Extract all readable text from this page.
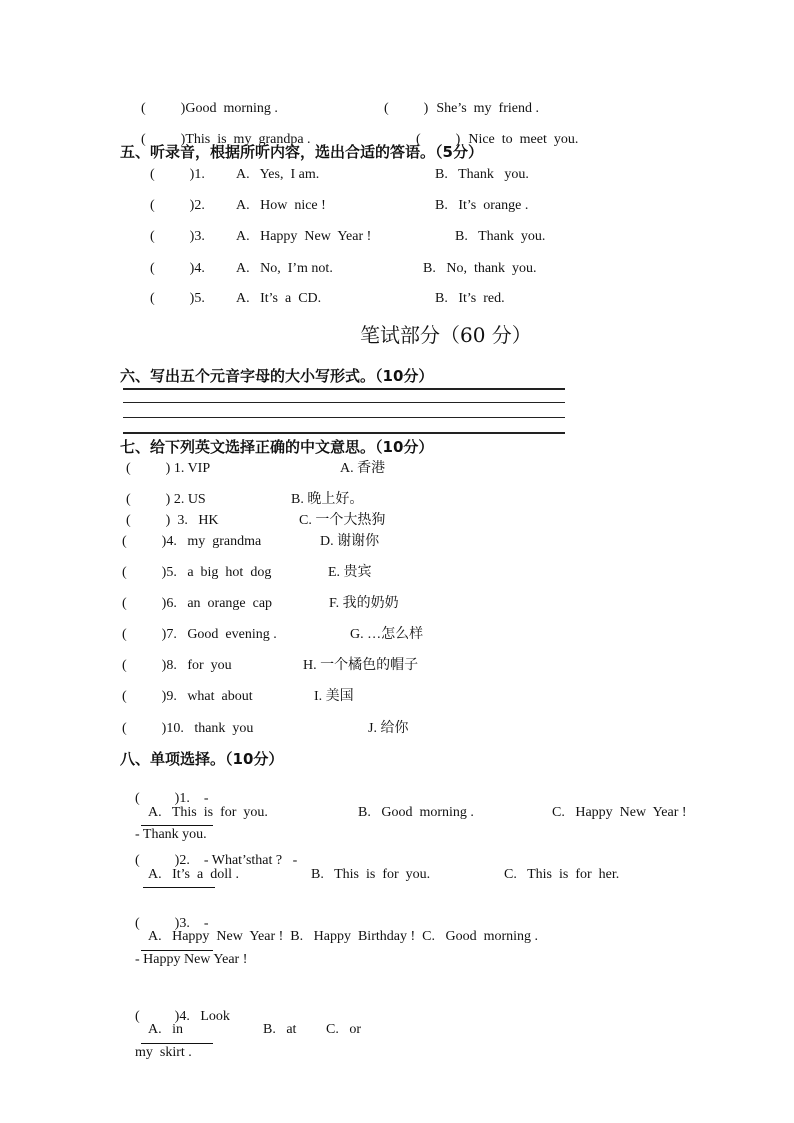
(          )Good  morning .	(          ) She’s  my  friend .

(          )This  is  my  grandpa .	(          ) Nice  to  meet  you.

五、听录音，根据所听内容，选出合适的答语。（5分）
(          )1. A.   Yes,  I am.	B.   Thank   you.
(          )2. A.   How  nice !	B.   It’s  orange .
(          )3. A.   Happy  New  Year !	B.   Thank  you.
(          )4. A.   No,  I’m not.	B.   No,  thank  you.
(          )5. A.   It’s  a  CD.	B.   It’s  red.
笔试部分（60 分）
六、写出五个元音字母的大小写形式。（10分）
七、给下列英文选择正确的中文意思。（10分）
(          ) 1. VIP	A. 香港
(          ) 2. US	B. 晚上好。
(          )  3.   HK	C. 一个大热狗
(          )4.   my  grandma	D. 谢谢你
(          )5.   a  big  hot  dog	E. 贵宾
(          )6.   an  orange  cap	F. 我的奶奶
(          )7.   Good  evening .	G. …怎么样
(          )8.   for  you	H. 一个橘色的帽子
(          )9.   what  about	I. 美国
(          )10.   thank  you	J. 给你
八、单项选择。（10分）

(          )1.    -

- Thank you.

A.   This  is  for  you.	B.   Good  morning .	C.   Happy  New  Year !

(          )2.    - What’sthat ?   -

A.   It’s  a  doll .	B.   This  is  for  you.	C.   This  is  for  her.

(          )3.    -

- Happy New Year !

A.   Happy  New  Year !  B.   Happy  Birthday !  C.   Good  morning .

(          )4.   Look

my  skirt .

A.   in	B.   at C.   or
